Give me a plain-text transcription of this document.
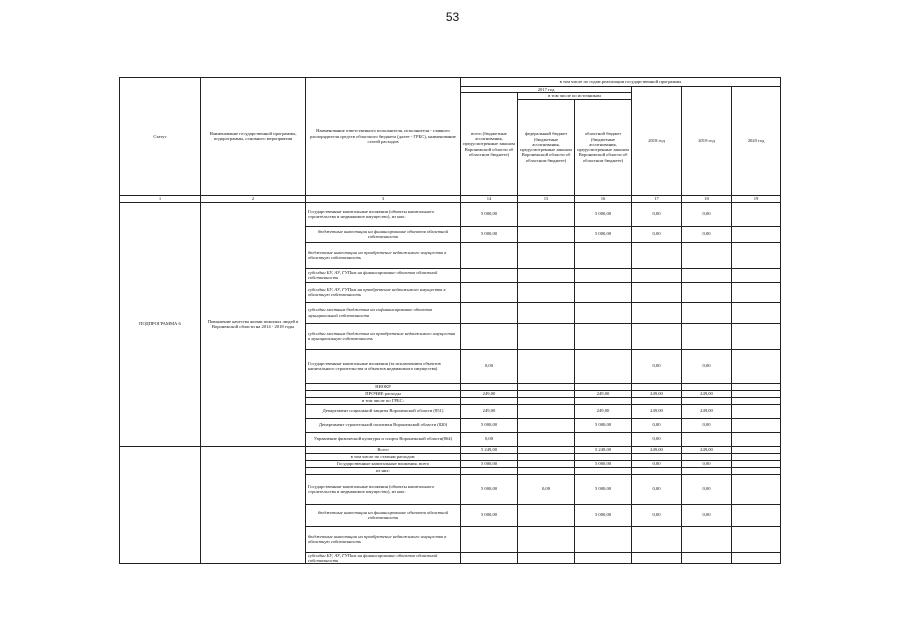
53
Статус	Наименование государственной программы, подпрограммы, основного мероприятия	Наименование ответственного исполнителя, исполнителя - главного распорядителя средств областного бюджета (далее - ГРБС), наименование статей расходов	в том числе по годам реализации государственной программы					
			2017 год			2018 год	2019 год	2020 год
			всего (бюджетные ассигнования, предусмотренные законом Воронежской области об областном бюджете)	в том числе по источникам				
				федеральный бюджет (бюджетные ассигнования, предусмотренные законом Воронежской области об областном бюджете)	областной бюджет (бюджетные ассигнования, предусмотренные законом Воронежской области об областном бюджете)			
1	2	3	14	15	16	17	18	19
ПОДПРОГРАММА 6	Повышение качества жизни пожилых людей в Воронежской области на 2014 - 2018 годы	Государственные капитальные вложения (объекты капитального строительства и недвижимое имущество), из них:	5 000,00		5 000,00	0,00	0,00	
		бюджетные инвестиции на финансирование объектов областной собственности	5 000,00		5 000,00	0,00	0,00	
		бюджетные инвестиции на приобретение недвижимого имущества в областную собственность						
		субсидии БУ, АУ, ГУПам на финансирование объектов областной собственности						
		субсидии БУ, АУ, ГУПам на приобретение недвижимого имущества в областную собственность						
		субсидии местным бюджетам на софинансирование объектов муниципальной собственности						
		субсидии местным бюджетам на приобретение недвижимого имущества в муниципальную собственность						
		Государственные капитальные вложения (за исключением объектов капитального строительства и объектов недвижимого имущества)	0,00			0,00	0,00	
		НИОКР						
		ПРОЧИЕ расходы	249,00		249,00	249,00	249,00	
		в том числе по ГРБС:						
		Департамент социальной защиты Воронежской области (851)	249,00		249,00	249,00	249,00	
		Департамент строительной политики Воронежской области (820)	5 000,00		5 000,00	0,00	0,00	
		Управление физической культуры и спорта Воронежской области(864)	0,00			0,00		
		Всего	5 249,00		5 249,00	249,00	249,00	
		в том числе по статьям расходов:						
		Государственные капитальные вложения, всего	5 000,00		5 000,00	0,00	0,00	
		из них:						
		Государственные капитальные вложения (объекты капитального строительства и недвижимое имущество), из них:	5 000,00	0,00	5 000,00	0,00	0,00	
		бюджетные инвестиции на финансирование объектов областной собственности	5 000,00		5 000,00	0,00	0,00	
		бюджетные инвестиции на приобретение недвижимого имущества в областную собственность						
		субсидии БУ, АУ, ГУПам на финансирование объектов областной собственности						
